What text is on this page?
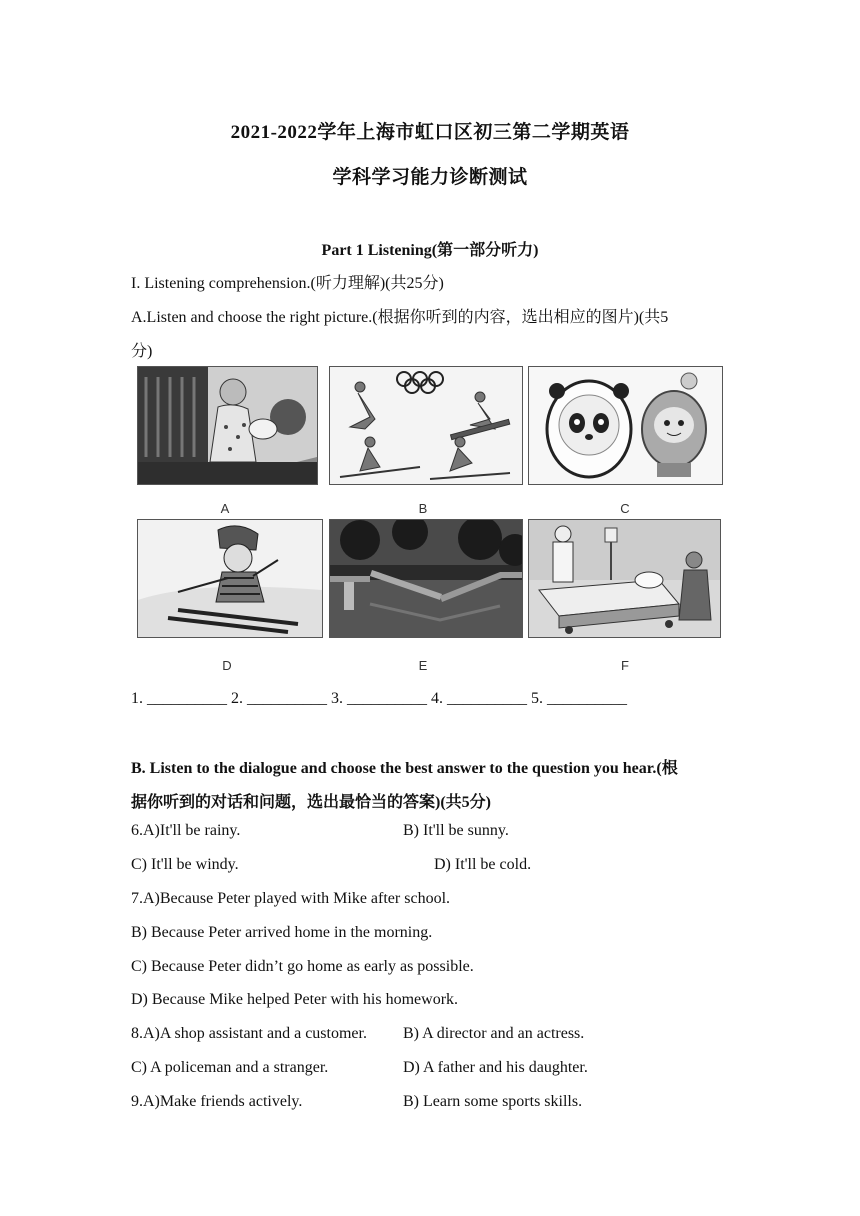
2021-2022学年上海市虹口区初三第二学期英语
学科学习能力诊断测试
Part 1 Listening(第一部分听力)
I. Listening comprehension.(听力理解)(共25分)
A.Listen and choose the right picture.(根据你听到的内容，选出相应的图片)(共5
分)
A	B	C
D	E	F
1. __________ 2. __________ 3. __________ 4. __________ 5. __________
B. Listen to the dialogue and choose the best answer to the question you hear.(根
据你听到的对话和问题，选出最恰当的答案)(共5分)
6.A)It'll be rainy.	B) It'll be sunny.
C) It'll be windy.	D) It'll be cold.
7.A)Because Peter played with Mike after school.
B) Because Peter arrived home in the morning.
C) Because Peter didn’t go home as early as possible.
D) Because Mike helped Peter with his homework.
8.A)A shop assistant and a customer. B) A director and an actress.
C) A policeman and a stranger.	D) A father and his daughter.
9.A)Make friends actively.	B) Learn some sports skills.
